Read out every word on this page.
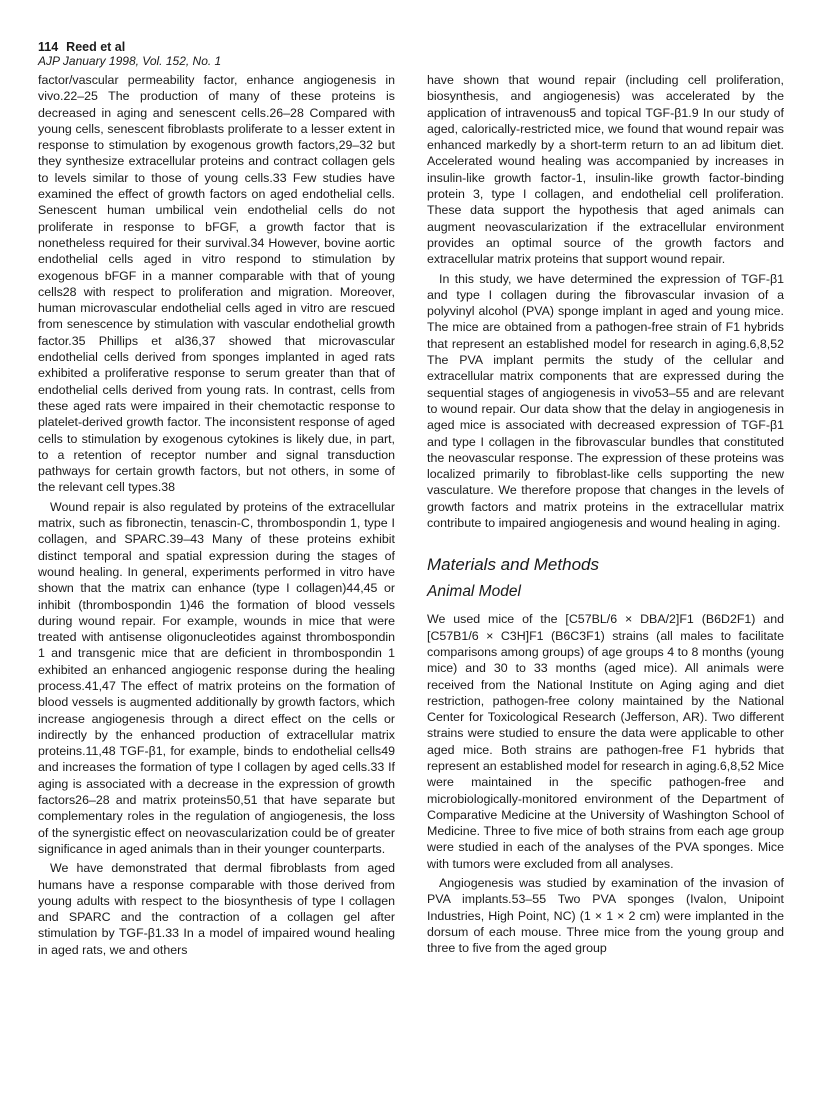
114 Reed et al
AJP January 1998, Vol. 152, No. 1

factor/vascular permeability factor, enhance angiogenesis in vivo.22–25 The production of many of these proteins is decreased in aging and senescent cells.26–28 Compared with young cells, senescent fibroblasts proliferate to a lesser extent in response to stimulation by exogenous growth factors,29–32 but they synthesize extracellular proteins and contract collagen gels to levels similar to those of young cells.33 Few studies have examined the effect of growth factors on aged endothelial cells. Senescent human umbilical vein endothelial cells do not proliferate in response to bFGF, a growth factor that is nonetheless required for their survival.34 However, bovine aortic endothelial cells aged in vitro respond to stimulation by exogenous bFGF in a manner comparable with that of young cells28 with respect to proliferation and migration. Moreover, human microvascular endothelial cells aged in vitro are rescued from senescence by stimulation with vascular endothelial growth factor.35 Phillips et al36,37 showed that microvascular endothelial cells derived from sponges implanted in aged rats exhibited a proliferative response to serum greater than that of endothelial cells derived from young rats. In contrast, cells from these aged rats were impaired in their chemotactic response to platelet-derived growth factor. The inconsistent response of aged cells to stimulation by exogenous cytokines is likely due, in part, to a retention of receptor number and signal transduction pathways for certain growth factors, but not others, in some of the relevant cell types.38

Wound repair is also regulated by proteins of the extracellular matrix, such as fibronectin, tenascin-C, thrombospondin 1, type I collagen, and SPARC.39–43 Many of these proteins exhibit distinct temporal and spatial expression during the stages of wound healing. In general, experiments performed in vitro have shown that the matrix can enhance (type I collagen)44,45 or inhibit (thrombospondin 1)46 the formation of blood vessels during wound repair. For example, wounds in mice that were treated with antisense oligonucleotides against thrombospondin 1 and transgenic mice that are deficient in thrombospondin 1 exhibited an enhanced angiogenic response during the healing process.41,47 The effect of matrix proteins on the formation of blood vessels is augmented additionally by growth factors, which increase angiogenesis through a direct effect on the cells or indirectly by the enhanced production of extracellular matrix proteins.11,48 TGF-β1, for example, binds to endothelial cells49 and increases the formation of type I collagen by aged cells.33 If aging is associated with a decrease in the expression of growth factors26–28 and matrix proteins50,51 that have separate but complementary roles in the regulation of angiogenesis, the loss of the synergistic effect on neovascularization could be of greater significance in aged animals than in their younger counterparts.

We have demonstrated that dermal fibroblasts from aged humans have a response comparable with those derived from young adults with respect to the biosynthesis of type I collagen and SPARC and the contraction of a collagen gel after stimulation by TGF-β1.33 In a model of impaired wound healing in aged rats, we and others

have shown that wound repair (including cell proliferation, biosynthesis, and angiogenesis) was accelerated by the application of intravenous5 and topical TGF-β1.9 In our study of aged, calorically-restricted mice, we found that wound repair was enhanced markedly by a short-term return to an ad libitum diet. Accelerated wound healing was accompanied by increases in insulin-like growth factor-1, insulin-like growth factor-binding protein 3, type I collagen, and endothelial cell proliferation. These data support the hypothesis that aged animals can augment neovascularization if the extracellular environment provides an optimal source of the growth factors and extracellular matrix proteins that support wound repair.

In this study, we have determined the expression of TGF-β1 and type I collagen during the fibrovascular invasion of a polyvinyl alcohol (PVA) sponge implant in aged and young mice. The mice are obtained from a pathogen-free strain of F1 hybrids that represent an established model for research in aging.6,8,52 The PVA implant permits the study of the cellular and extracellular matrix components that are expressed during the sequential stages of angiogenesis in vivo53–55 and are relevant to wound repair. Our data show that the delay in angiogenesis in aged mice is associated with decreased expression of TGF-β1 and type I collagen in the fibrovascular bundles that constituted the neovascular response. The expression of these proteins was localized primarily to fibroblast-like cells supporting the new vasculature. We therefore propose that changes in the levels of growth factors and matrix proteins in the extracellular matrix contribute to impaired angiogenesis and wound healing in aging.

Materials and Methods
Animal Model

We used mice of the [C57BL/6 × DBA/2]F1 (B6D2F1) and [C57B1/6 × C3H]F1 (B6C3F1) strains (all males to facilitate comparisons among groups) of age groups 4 to 8 months (young mice) and 30 to 33 months (aged mice). All animals were received from the National Institute on Aging aging and diet restriction, pathogen-free colony maintained by the National Center for Toxicological Research (Jefferson, AR). Two different strains were studied to ensure the data were applicable to other aged mice. Both strains are pathogen-free F1 hybrids that represent an established model for research in aging.6,8,52 Mice were maintained in the specific pathogen-free and microbiologically-monitored environment of the Department of Comparative Medicine at the University of Washington School of Medicine. Three to five mice of both strains from each age group were studied in each of the analyses of the PVA sponges. Mice with tumors were excluded from all analyses.

Angiogenesis was studied by examination of the invasion of PVA implants.53–55 Two PVA sponges (Ivalon, Unipoint Industries, High Point, NC) (1 × 1 × 2 cm) were implanted in the dorsum of each mouse. Three mice from the young group and three to five from the aged group
